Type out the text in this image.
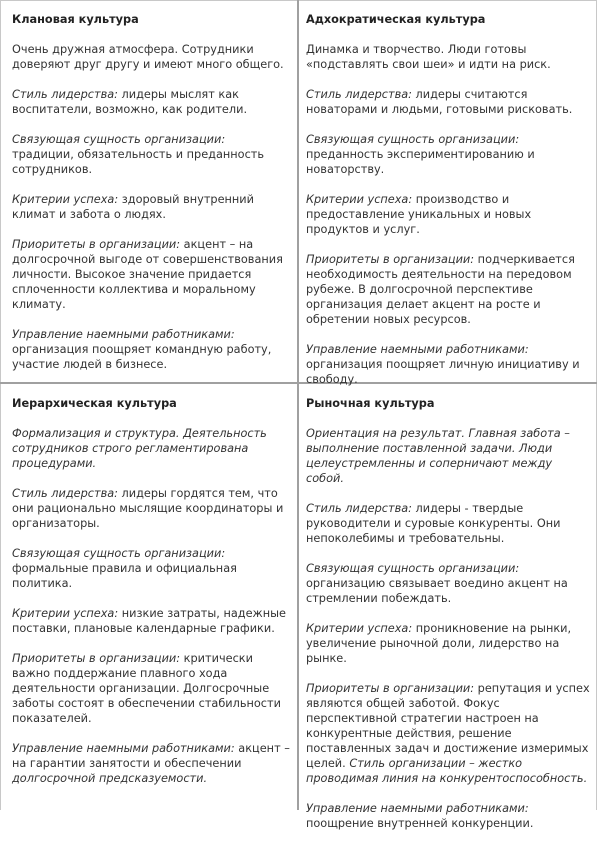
Клановая культура
Очень дружная атмосфера. Сотрудники доверяют друг другу и имеют много общего.
Стиль лидерства: лидеры мыслят как воспитатели, возможно, как родители.
Связующая сущность организации:
традиции, обязательность и преданность сотрудников.
Критерии успеха: здоровый внутренний климат и забота о людях.
Приоритеты в организации: акцент – на долгосрочной выгоде от совершенствования личности. Высокое значение придается сплоченности коллектива и моральному климату.
Управление наемными работниками:
организация поощряет командную работу, участие людей в бизнесе.
Адхократическая культура
Динамка и творчество. Люди готовы «подставлять свои шеи» и идти на риск.
Стиль лидерства: лидеры считаются новаторами и людьми, готовыми рисковать.
Связующая сущность организации:
преданность экспериментированию и новаторству.
Критерии успеха: производство и предоставление уникальных и новых продуктов и услуг.
Приоритеты в организации: подчеркивается необходимость деятельности на передовом рубеже. В долгосрочной перспективе организация делает акцент на росте и обретении новых ресурсов.
Управление наемными работниками:
организация поощряет личную инициативу и свободу.
Иерархическая культура
Формализация и структура. Деятельность сотрудников строго регламентирована процедурами.
Стиль лидерства: лидеры гордятся тем, что они рационально мыслящие координаторы и организаторы.
Связующая сущность организации:
формальные правила и официальная политика.
Критерии успеха: низкие затраты, надежные поставки, плановые календарные графики.
Приоритеты в организации: критически важно поддержание плавного хода деятельности организации. Долгосрочные заботы состоят в обеспечении стабильности показателей.
Управление наемными работниками: акцент – на гарантии занятости и обеспечении долгосрочной предсказуемости.
Рыночная культура
Ориентация на результат. Главная забота – выполнение поставленной задачи. Люди целеустремленны и соперничают между собой.
Стиль лидерства: лидеры - твердые руководители и суровые конкуренты. Они непоколебимы и требовательны.
Связующая сущность организации: организацию связывает воедино акцент на стремлении побеждать.
Критерии успеха: проникновение на рынки, увеличение рыночной доли, лидерство на рынке.
Приоритеты в организации: репутация и успех являются общей заботой. Фокус перспективной стратегии настроен на конкурентные действия, решение поставленных задач и достижение измеримых целей. Стиль организации – жестко проводимая линия на конкурентоспособность.
Управление наемными работниками:
поощрение внутренней конкуренции.
